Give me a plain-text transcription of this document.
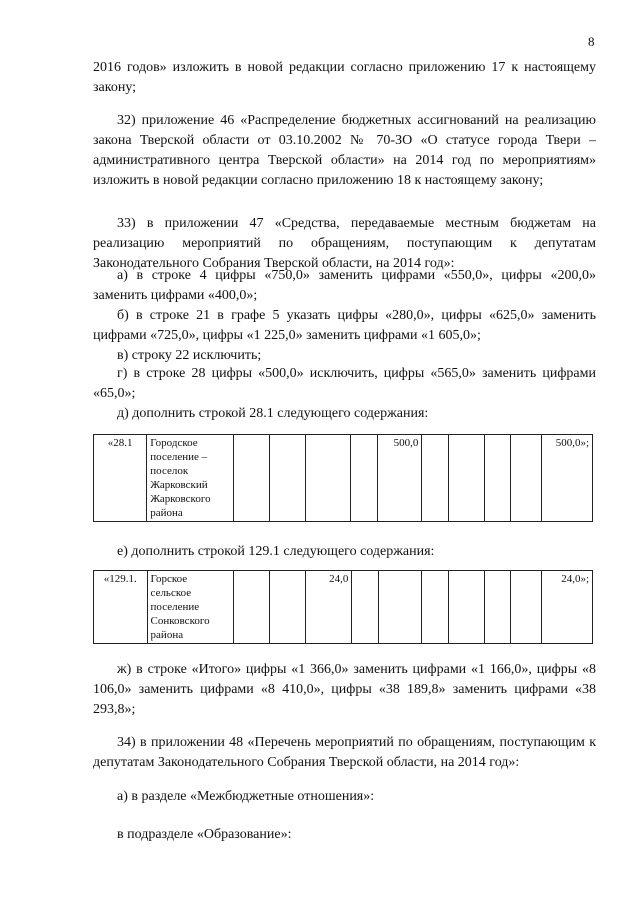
8

2016 годов» изложить в новой редакции согласно приложению 17 к настоящему закону;

32) приложение 46 «Распределение бюджетных ассигнований на реализацию закона Тверской области от 03.10.2002 № 70-ЗО «О статусе города Твери – административного центра Тверской области» на 2014 год по мероприятиям» изложить в новой редакции согласно приложению 18 к настоящему закону;

33) в приложении 47 «Средства, передаваемые местным бюджетам на реализацию мероприятий по обращениям, поступающим к депутатам Законодательного Собрания Тверской области, на 2014 год»:

а) в строке 4 цифры «750,0» заменить цифрами «550,0», цифры «200,0» заменить цифрами «400,0»;

б) в строке 21 в графе 5 указать цифры «280,0», цифры «625,0» заменить цифрами «725,0», цифры «1 225,0» заменить цифрами «1 605,0»;

в) строку 22 исключить;

г) в строке 28 цифры «500,0» исключить, цифры «565,0» заменить цифрами «65,0»;

д) дополнить строкой 28.1 следующего содержания:

«28.1	Городское поселение – поселок Жарковский Жарковского района					500,0					500,0»;

е) дополнить строкой 129.1 следующего содержания:

«129.1.	Горское сельское поселение Сонковского района			24,0							24,0»;

ж) в строке «Итого» цифры «1 366,0» заменить цифрами «1 166,0», цифры «8 106,0» заменить цифрами «8 410,0», цифры «38 189,8» заменить цифрами «38 293,8»;

34) в приложении 48 «Перечень мероприятий по обращениям, поступающим к депутатам Законодательного Собрания Тверской области, на 2014 год»:

а) в разделе «Межбюджетные отношения»:

в подразделе «Образование»:
